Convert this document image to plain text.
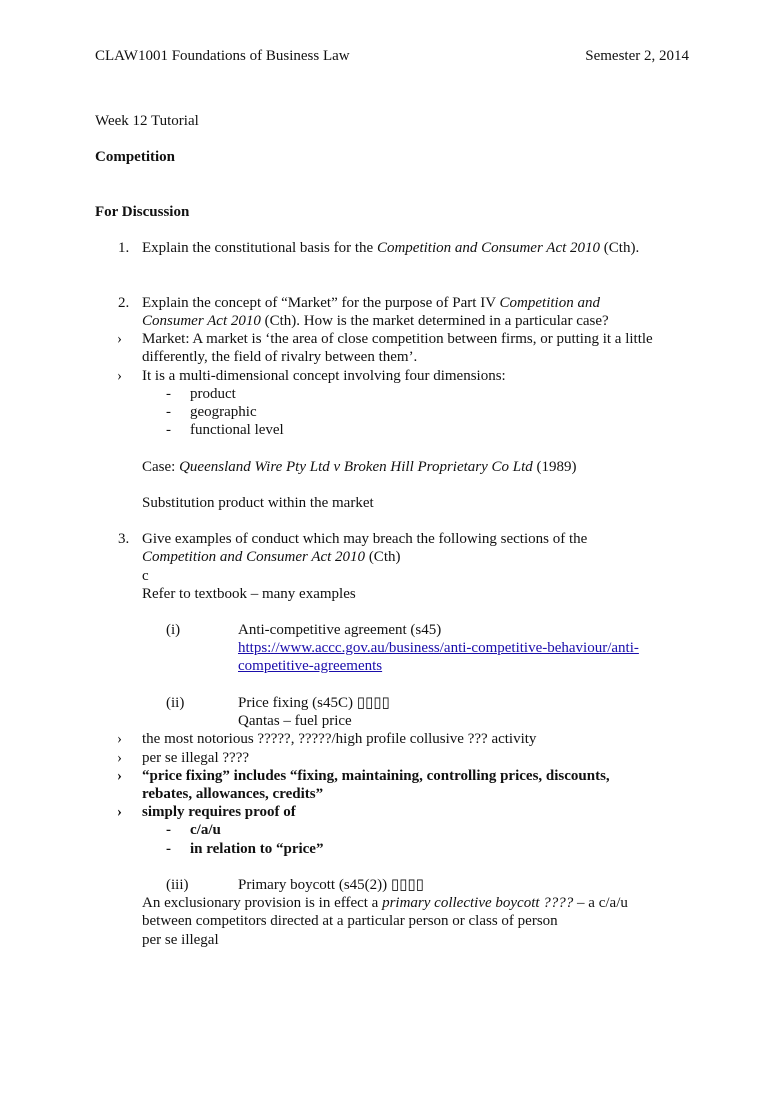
CLAW1001 Foundations of Business Law	Semester 2, 2014
Week 12 Tutorial
Competition
For Discussion
1. Explain the constitutional basis for the Competition and Consumer Act 2010 (Cth).
2. Explain the concept of “Market” for the purpose of Part IV Competition and
Consumer Act 2010 (Cth). How is the market determined in a particular case?
› Market: A market is ‘the area of close competition between firms, or putting it a little
differently, the field of rivalry between them’.
› It is a multi-dimensional concept involving four dimensions:
- product
- geographic
- functional level
Case: Queensland Wire Pty Ltd v Broken Hill Proprietary Co Ltd (1989)
Substitution product within the market
3. Give examples of conduct which may breach the following sections of the
Competition and Consumer Act 2010 (Cth)
c
Refer to textbook – many examples
(i)	Anti-competitive agreement (s45)
https://www.accc.gov.au/business/anti-competitive-behaviour/anti-
competitive-agreements
(ii)	Price fixing (s45C) ▯▯▯▯
Qantas – fuel price
› the most notorious ?????, ?????/high profile collusive ??? activity
› per se illegal ????
› “price fixing” includes “fixing, maintaining, controlling prices, discounts,
rebates, allowances, credits”
› simply requires proof of
- c/a/u
- in relation to “price”
(iii)	Primary boycott (s45(2)) ▯▯▯▯
An exclusionary provision is in effect a primary collective boycott ???? – a c/a/u
between competitors directed at a particular person or class of person
per se illegal
